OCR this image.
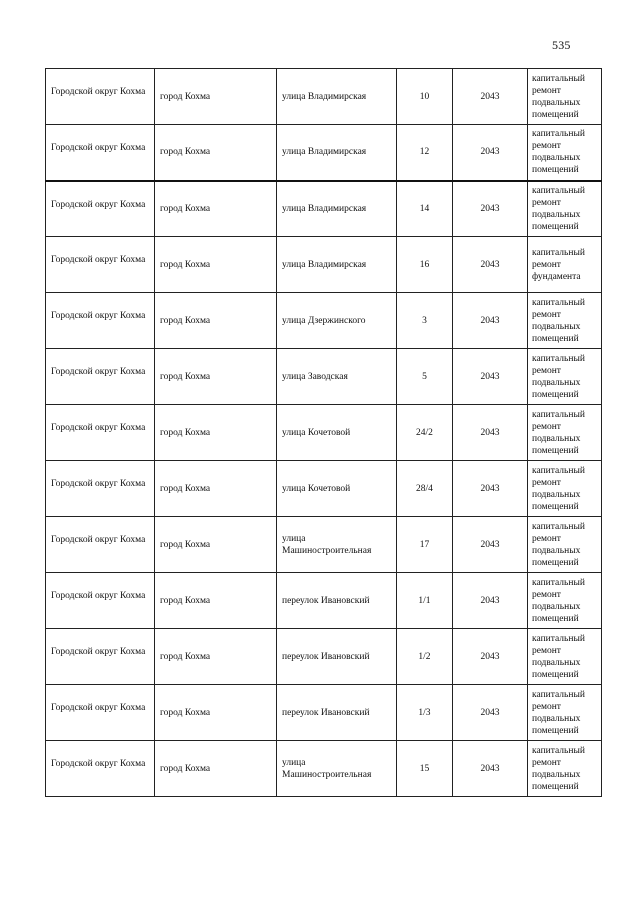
535
Городской округ Кохма	город Кохма	улица Владимирская	10	2043	капитальный ремонт подвальных помещений
Городской округ Кохма	город Кохма	улица Владимирская	12	2043	капитальный ремонт подвальных помещений
Городской округ Кохма	город Кохма	улица Владимирская	14	2043	капитальный ремонт подвальных помещений
Городской округ Кохма	город Кохма	улица Владимирская	16	2043	капитальный ремонт фундамента
Городской округ Кохма	город Кохма	улица Дзержинского	3	2043	капитальный ремонт подвальных помещений
Городской округ Кохма	город Кохма	улица Заводская	5	2043	капитальный ремонт подвальных помещений
Городской округ Кохма	город Кохма	улица Кочетовой	24/2	2043	капитальный ремонт подвальных помещений
Городской округ Кохма	город Кохма	улица Кочетовой	28/4	2043	капитальный ремонт подвальных помещений
Городской округ Кохма	город Кохма	улица Машиностроительная	17	2043	капитальный ремонт подвальных помещений
Городской округ Кохма	город Кохма	переулок Ивановский	1/1	2043	капитальный ремонт подвальных помещений
Городской округ Кохма	город Кохма	переулок Ивановский	1/2	2043	капитальный ремонт подвальных помещений
Городской округ Кохма	город Кохма	переулок Ивановский	1/3	2043	капитальный ремонт подвальных помещений
Городской округ Кохма	город Кохма	улица Машиностроительная	15	2043	капитальный ремонт подвальных помещений
